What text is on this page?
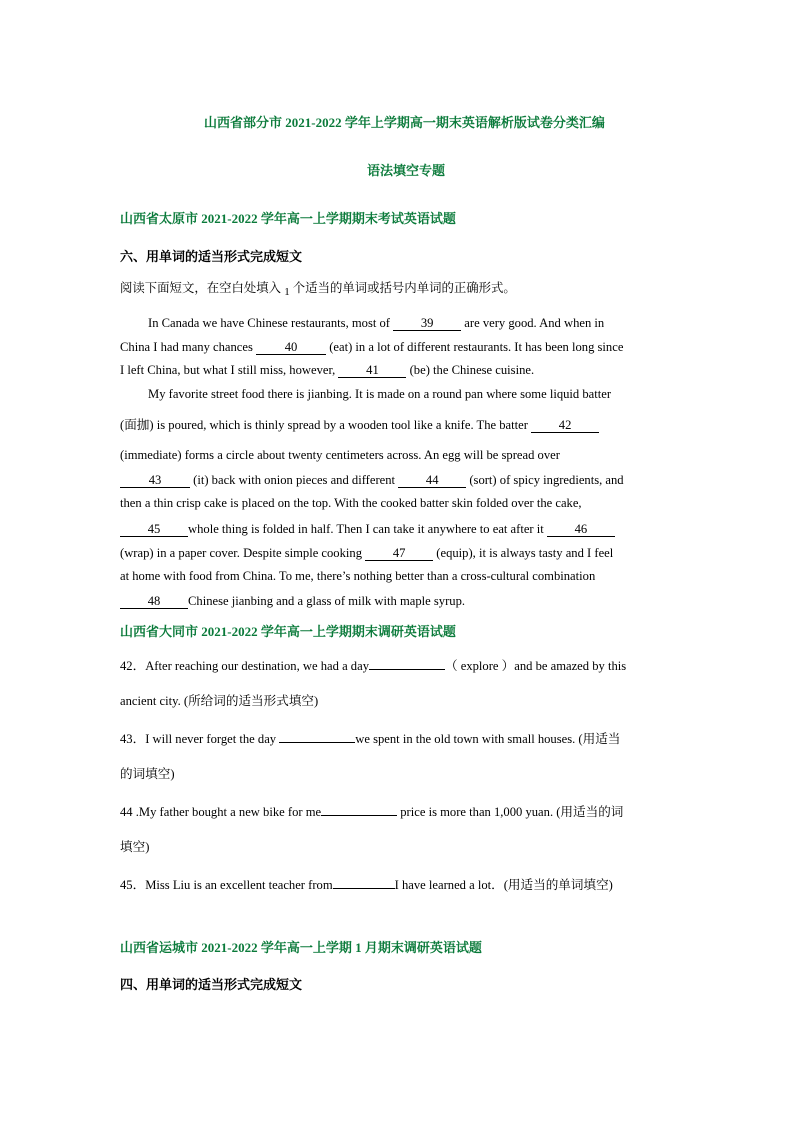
山西省部分市 2021-2022 学年上学期高一期末英语解析版试卷分类汇编
语法填空专题
山西省太原市 2021-2022 学年高一上学期期末考试英语试题
六、用单词的适当形式完成短文
阅读下面短文，在空白处填入 1 个适当的单词或括号内单词的正确形式。
In Canada we have Chinese restaurants, most of 39 are very good. And when in
China I had many chances 40 (eat) in a lot of different restaurants. It has been long since
I left China, but what I still miss, however, 41 (be) the Chinese cuisine.
My favorite street food there is jianbing. It is made on a round pan where some liquid batter
(面拁) is poured, which is thinly spread by a wooden tool like a knife. The batter 42
(immediate) forms a circle about twenty centimeters across. An egg will be spread over
43 (it) back with onion pieces and different 44 (sort) of spicy ingredients, and
then a thin crisp cake is placed on the top. With the cooked batter skin folded over the cake,
45 whole thing is folded in half. Then I can take it anywhere to eat after it 46
(wrap) in a paper cover. Despite simple cooking 47 (equip), it is always tasty and I feel
at home with food from China. To me, there’s nothing better than a cross-cultural combination
48 Chinese jianbing and a glass of milk with maple syrup.
山西省大同市 2021-2022 学年高一上学期期末调研英语试题
42．After reaching our destination, we had a day	（ explore ）and be amazed by this
ancient city. (所给词的适当形式填空)
43．I will never forget the day	we spent in the old town with small houses. (用适当
的词填空)
44 .My father bought a new bike for me	price is more than 1,000 yuan. (用适当的词
填空)
45．Miss Liu is an excellent teacher from	I have learned a lot．(用适当的单词填空)
山西省运城市 2021-2022 学年高一上学期 1 月期末调研英语试题
四、用单词的适当形式完成短文
